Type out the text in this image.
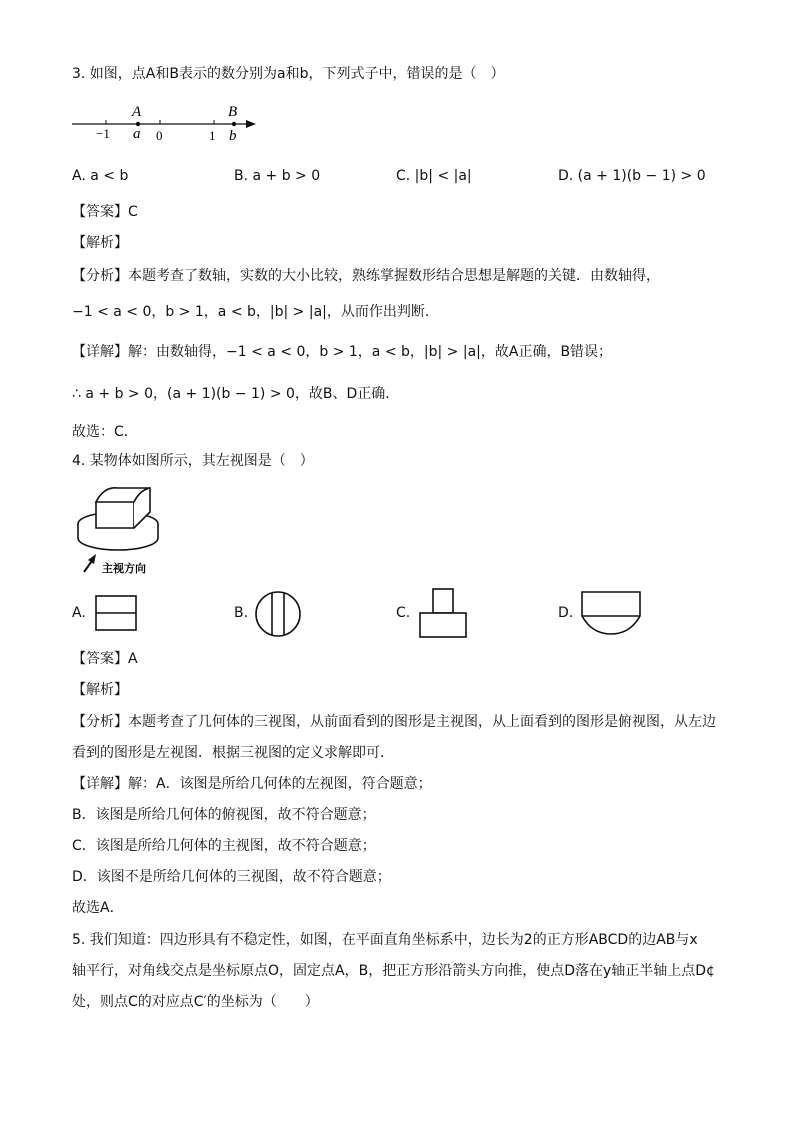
3. 如图，点A和B表示的数分别为a和b，下列式子中，错误的是（　）
A	B
−1 a 0	1 b
A. a < b	B. a + b > 0	C. |b| < |a|	D. (a + 1)(b − 1) > 0
【答案】C
【解析】
【分析】本题考查了数轴，实数的大小比较，熟练掌握数形结合思想是解题的关键．由数轴得，
−1 < a < 0，b > 1，a < b，|b| > |a|，从而作出判断．
【详解】解：由数轴得，−1 < a < 0，b > 1，a < b，|b| > |a|，故A正确，B错误；
∴ a + b > 0，(a + 1)(b − 1) > 0，故B、D正确．
故选：C．
4. 某物体如图所示，其左视图是（　）
主视方向
A.	B.	C.	D.
【答案】A
【解析】
【分析】本题考查了几何体的三视图，从前面看到的图形是主视图，从上面看到的图形是俯视图，从左边
看到的图形是左视图．根据三视图的定义求解即可．
【详解】解：A．该图是所给几何体的左视图，符合题意；
B．该图是所给几何体的俯视图，故不符合题意；
C．该图是所给几何体的主视图，故不符合题意；
D．该图不是所给几何体的三视图，故不符合题意；
故选A．
5. 我们知道：四边形具有不稳定性，如图，在平面直角坐标系中，边长为2的正方形ABCD的边AB与x
轴平行，对角线交点是坐标原点O，固定点A，B，把正方形沿箭头方向推，使点D落在y轴正半轴上点D¢
处，则点C的对应点C′的坐标为（　　）
